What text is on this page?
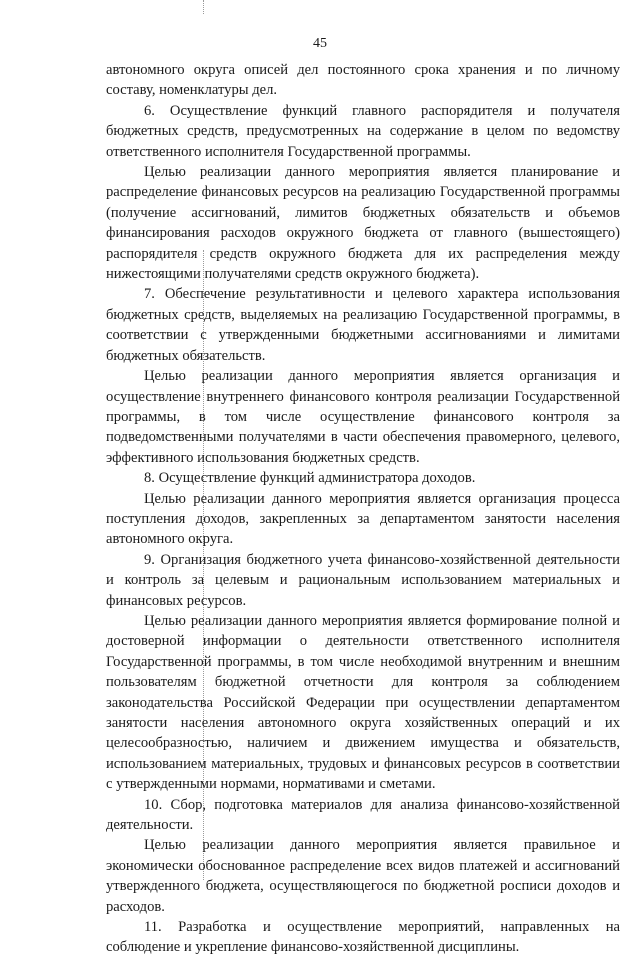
45

автономного округа описей дел постоянного срока хранения и по личному составу, номенклатуры дел.

6. Осуществление функций главного распорядителя и получателя бюджетных средств, предусмотренных на содержание в целом по ведомству ответственного исполнителя Государственной программы.

Целью реализации данного мероприятия является планирование и распределение финансовых ресурсов на реализацию Государственной программы (получение ассигнований, лимитов бюджетных обязательств и объемов финансирования расходов окружного бюджета от главного (вышестоящего) распорядителя средств окружного бюджета для их распределения между нижестоящими получателями средств окружного бюджета).

7. Обеспечение результативности и целевого характера использования бюджетных средств, выделяемых на реализацию Государственной программы, в соответствии с утвержденными бюджетными ассигнованиями и лимитами бюджетных обязательств.

Целью реализации данного мероприятия является организация и осуществление внутреннего финансового контроля реализации Государственной программы, в том числе осуществление финансового контроля за подведомственными получателями в части обеспечения правомерного, целевого, эффективного использования бюджетных средств.

8. Осуществление функций администратора доходов.

Целью реализации данного мероприятия является организация процесса поступления доходов, закрепленных за департаментом занятости населения автономного округа.

9. Организация бюджетного учета финансово-хозяйственной деятельности и контроль за целевым и рациональным использованием материальных и финансовых ресурсов.

Целью реализации данного мероприятия является формирование полной и достоверной информации о деятельности ответственного исполнителя Государственной программы, в том числе необходимой внутренним и внешним пользователям бюджетной отчетности для контроля за соблюдением законодательства Российской Федерации при осуществлении департаментом занятости населения автономного округа хозяйственных операций и их целесообразностью, наличием и движением имущества и обязательств, использованием материальных, трудовых и финансовых ресурсов в соответствии с утвержденными нормами, нормативами и сметами.

10. Сбор, подготовка материалов для анализа финансово-хозяйственной деятельности.

Целью реализации данного мероприятия является правильное и экономически обоснованное распределение всех видов платежей и ассигнований утвержденного бюджета, осуществляющегося по бюджетной росписи доходов и расходов.

11. Разработка и осуществление мероприятий, направленных на соблюдение и укрепление финансово-хозяйственной дисциплины.
